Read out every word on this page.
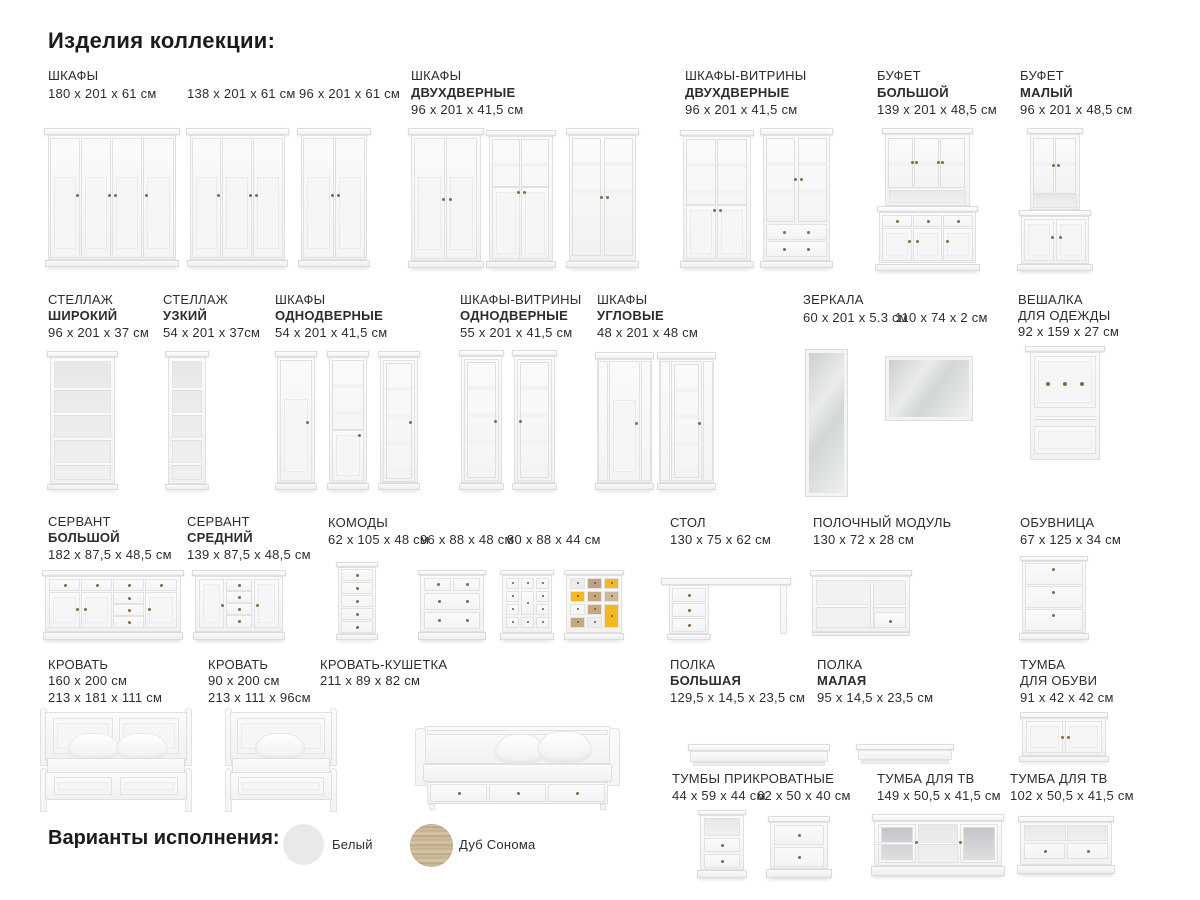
Изделия коллекции:
ШКАФЫ
180 x 201 x 61 см 138 x 201 x 61 см 96 x 201 x 61 см
ШКАФЫ
ДВУХДВЕРНЫЕ
96 x 201 x 41,5 см
ШКАФЫ-ВИТРИНЫ
ДВУХДВЕРНЫЕ
96 x 201 x 41,5 см
БУФЕТ
БОЛЬШОЙ
139 x 201 x 48,5 см
БУФЕТ
МАЛЫЙ
96 x 201 x 48,5 см
СТЕЛЛАЖ
ШИРОКИЙ
96 x 201 x 37 см
СТЕЛЛАЖ
УЗКИЙ
54 x 201 x 37см
ШКАФЫ
ОДНОДВЕРНЫЕ
54 x 201 x 41,5 см
ШКАФЫ-ВИТРИНЫ
ОДНОДВЕРНЫЕ
55 x 201 x 41,5 см
ШКАФЫ
УГЛОВЫЕ
48 x 201 x 48 см
ЗЕРКАЛА
60 x 201 x 5.3 см
110 x 74 x 2 см
ВЕШАЛКА
ДЛЯ ОДЕЖДЫ
92 x 159 x 27 см
СЕРВАНТ
БОЛЬШОЙ
182 x 87,5 x 48,5 см
СЕРВАНТ
СРЕДНИЙ
139 x 87,5 x 48,5 см
КОМОДЫ
62 x 105 x 48 см
96 x 88 x 48 см
80 x 88 x 44 см
СТОЛ
130 x 75 x 62 см
ПОЛОЧНЫЙ МОДУЛЬ
130 x 72 x 28 см
ОБУВНИЦА
67 x 125 x 34 см
КРОВАТЬ
160 x 200 см
213 x 181 x 111 см
КРОВАТЬ
90 x 200 см
213 x 111 x 96см
КРОВАТЬ-КУШЕТКА
211 x 89 x 82 см
ПОЛКА
БОЛЬШАЯ
129,5 x 14,5 x 23,5 см
ПОЛКА
МАЛАЯ
95 x 14,5 x 23,5 см
ТУМБА
ДЛЯ ОБУВИ
91 x 42 x 42 см
ТУМБЫ ПРИКРОВАТНЫЕ
44 x 59 x 44 см
62 x 50 x 40 см
ТУМБА ДЛЯ ТВ
149 x 50,5 x 41,5 см
ТУМБА ДЛЯ ТВ
102 x 50,5 x 41,5 см
Варианты исполнения:	Белый	Дуб Сонома
